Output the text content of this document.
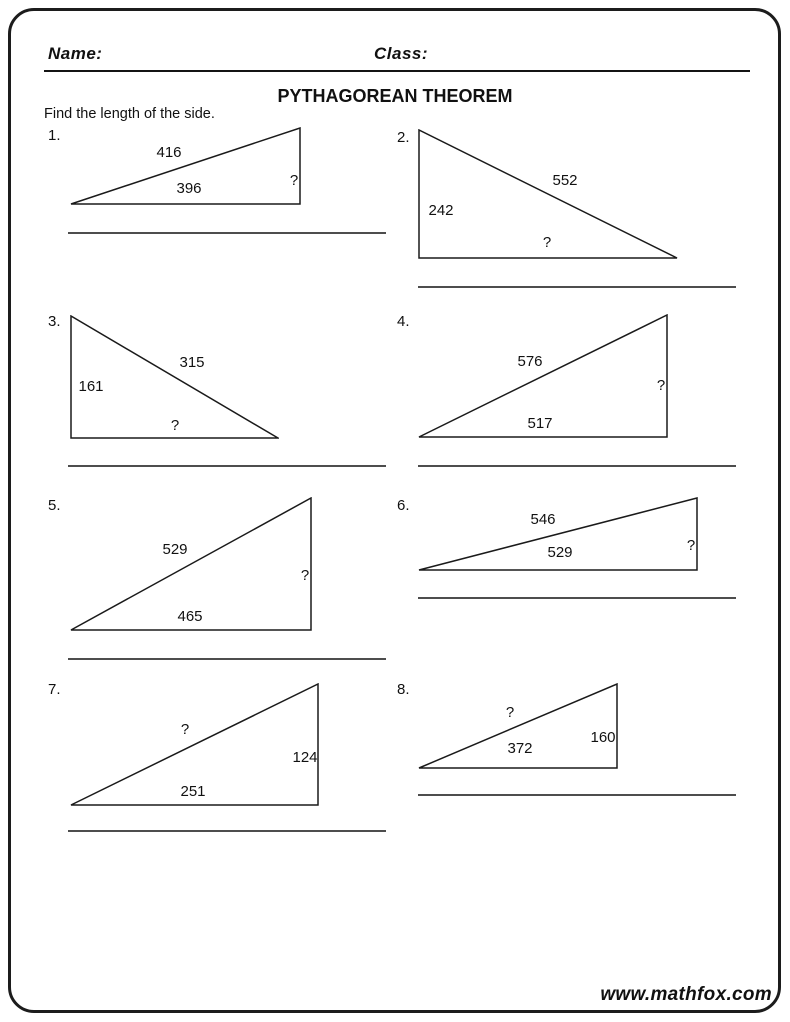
Name:	Class:
PYTHAGOREAN THEOREM
Find the length of the side.
1.
416
396	?
2.
552
242
?
3.
315
161
?
4.
576
517
?
5.
529
465
?
6.
546
529	?
7.
?
251
124
8.
?
372
160
www.mathfox.com
